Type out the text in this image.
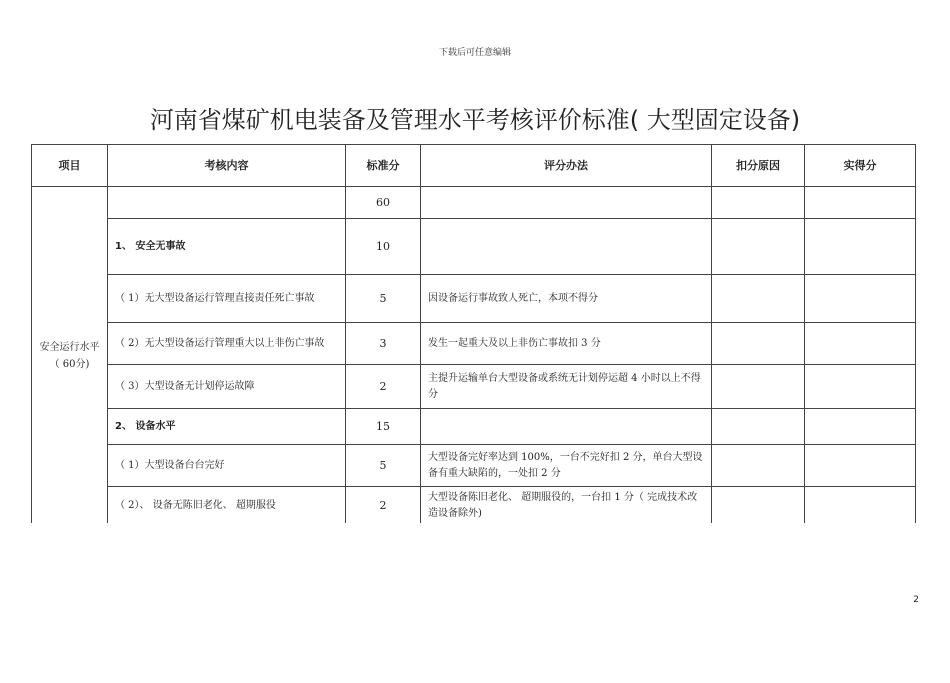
下载后可任意编辑
河南省煤矿机电装备及管理水平考核评价标准( 大型固定设备)
项目	考核内容	标准分	评分办法	扣分原因	实得分
安全运行水平（ 60分)		60			
	1、 安全无事故	10			
	（ 1）无大型设备运行管理直接责任死亡事故	5	因设备运行事故致人死亡，本项不得分		
	（ 2）无大型设备运行管理重大以上非伤亡事故	3	发生一起重大及以上非伤亡事故扣 3 分		
	（ 3）大型设备无计划停运故障	2	主提升运输单台大型设备或系统无计划停运超 4 小时以上不得分		
	2、 设备水平	15			
	（ 1）大型设备台台完好	5	大型设备完好率达到 100%，一台不完好扣 2 分，单台大型设备有重大缺陷的，一处扣 2 分		
	（ 2）、 设备无陈旧老化、 超期服役	2	大型设备陈旧老化、 超期服役的，一台扣 1 分（ 完成技术改造设备除外)		
2
